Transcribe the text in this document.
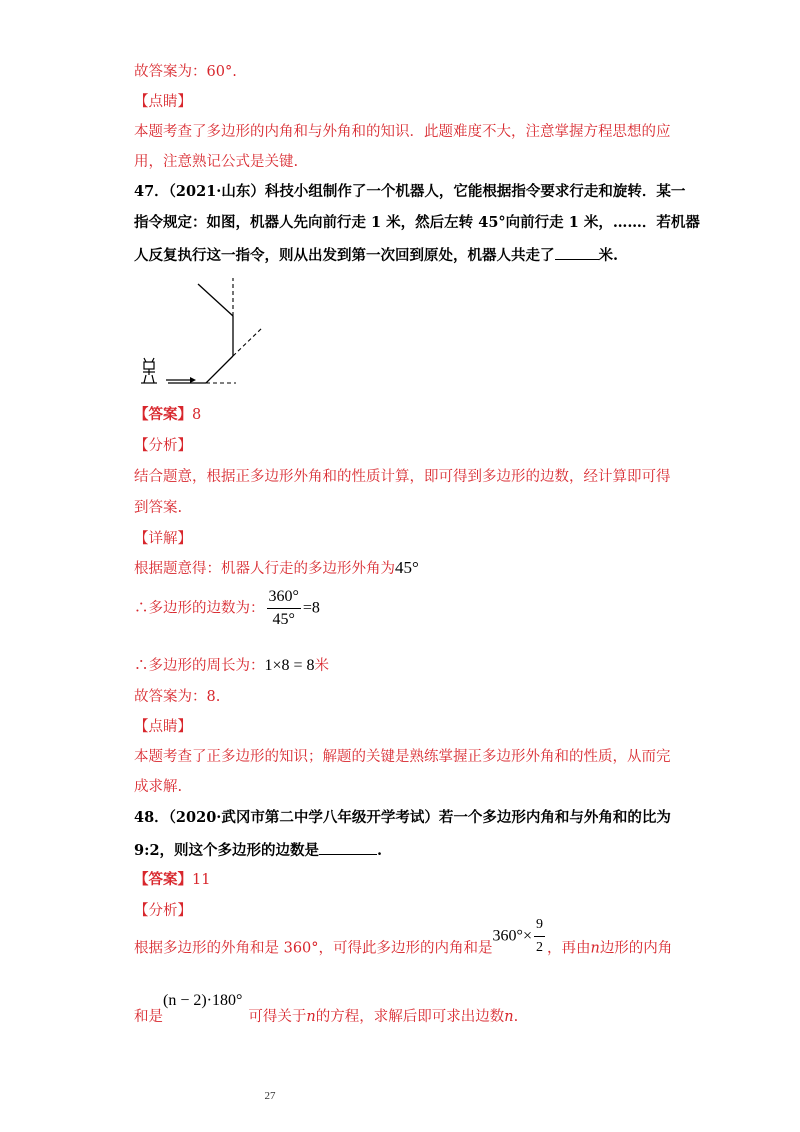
故答案为：60°.
【点睛】
本题考查了多边形的内角和与外角和的知识．此题难度不大，注意掌握方程思想的应
用，注意熟记公式是关键.
47．（2021·山东）科技小组制作了一个机器人，它能根据指令要求行走和旋转．某一
指令规定：如图，机器人先向前行走 1 米，然后左转 45°向前行走 1 米，……．若机器
人反复执行这一指令，则从出发到第一次回到原处，机器人共走了	米.
【答案】8
【分析】
结合题意，根据正多边形外角和的性质计算，即可得到多边形的边数，经计算即可得
到答案.
【详解】
根据题意得：机器人行走的多边形外角为45°
∴多边形的边数为： $\frac{360^\circ}{45^\circ} =8$
∴多边形的周长为：1×8 = 8米
故答案为：8.
【点睛】
本题考查了正多边形的知识；解题的关键是熟练掌握正多边形外角和的性质，从而完
成求解.
48．（2020·武冈市第二中学八年级开学考试）若一个多边形内角和与外角和的比为
9:2，则这个多边形的边数是	.
【答案】11
【分析】
根据多边形的外角和是 360°，可得此多边形的内角和是$360^\circ\times \frac{9}{2}$ ，再由n边形的内角
和是(n − 2)·180°可得关于n的方程，求解后即可求出边数n.
27
